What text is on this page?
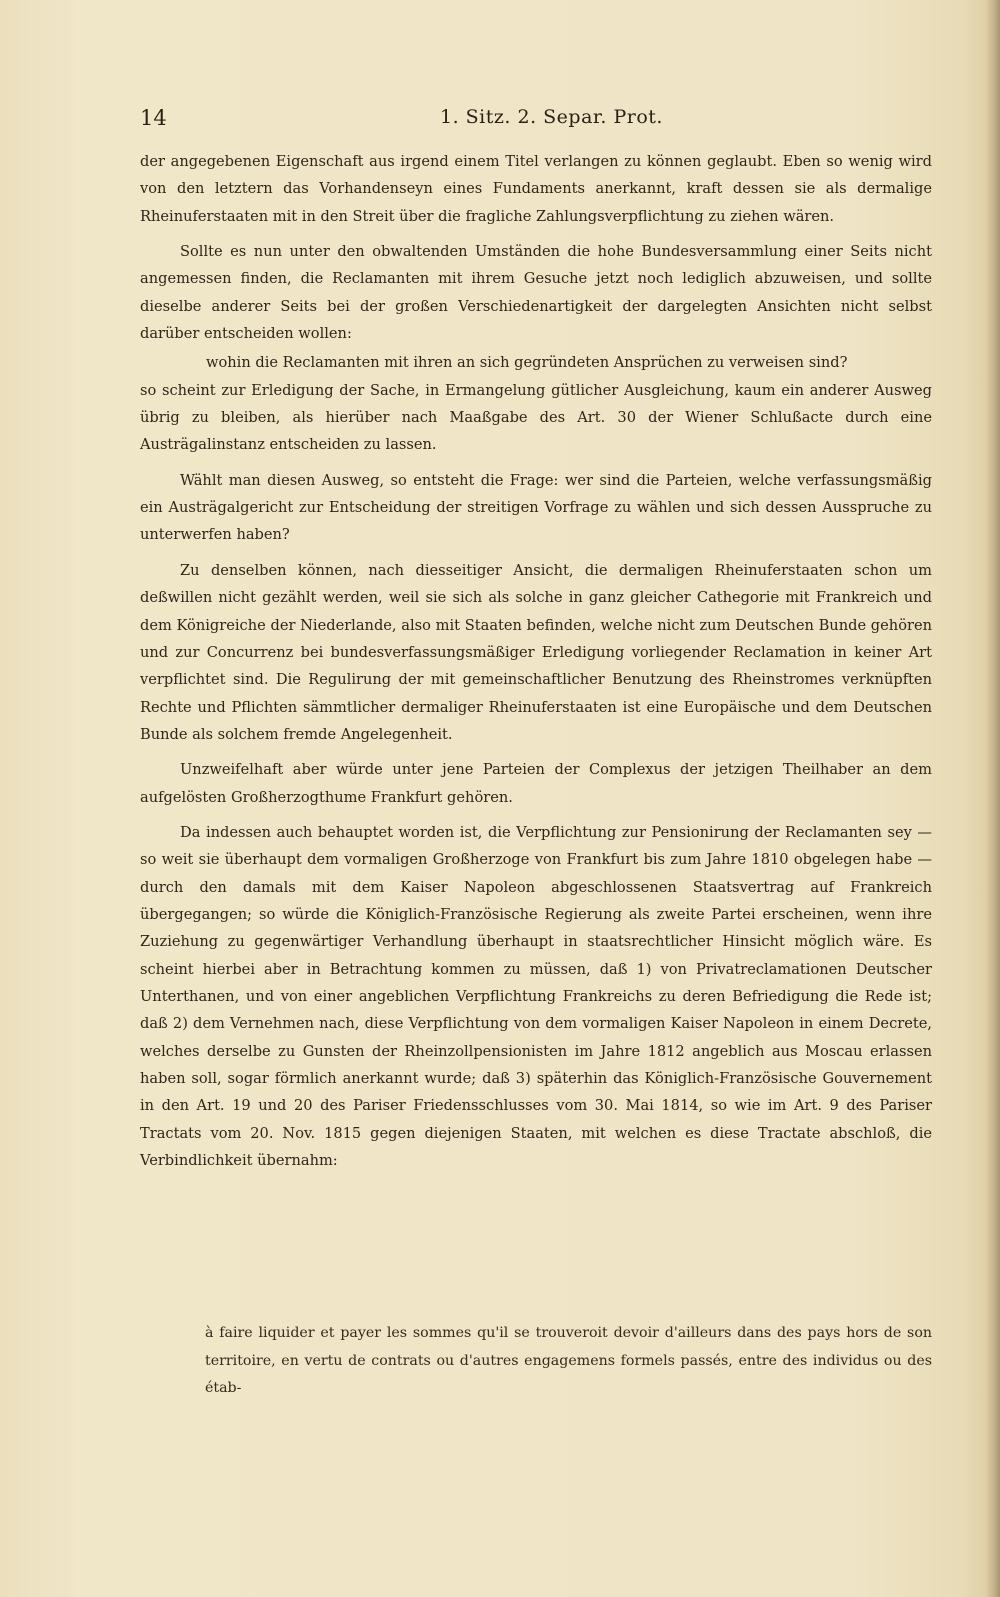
14	1. Sitz. 2. Separ. Prot.

der angegebenen Eigenschaft aus irgend einem Titel verlangen zu können geglaubt. Eben so wenig wird von den letztern das Vorhandenseyn eines Fundaments anerkannt, kraft dessen sie als dermalige Rheinuferstaaten mit in den Streit über die fragliche Zahlungsverpflichtung zu ziehen wären.

Sollte es nun unter den obwaltenden Umständen die hohe Bundesversammlung einer Seits nicht angemessen finden, die Reclamanten mit ihrem Gesuche jetzt noch lediglich abzuweisen, und sollte dieselbe anderer Seits bei der großen Verschiedenartigkeit der dargelegten Ansichten nicht selbst darüber entscheiden wollen:

wohin die Reclamanten mit ihren an sich gegründeten Ansprüchen zu verweisen sind?

so scheint zur Erledigung der Sache, in Ermangelung gütlicher Ausgleichung, kaum ein anderer Ausweg übrig zu bleiben, als hierüber nach Maaßgabe des Art. 30 der Wiener Schlußacte durch eine Austrägalinstanz entscheiden zu lassen.

Wählt man diesen Ausweg, so entsteht die Frage: wer sind die Parteien, welche verfassungsmäßig ein Austrägalgericht zur Entscheidung der streitigen Vorfrage zu wählen und sich dessen Ausspruche zu unterwerfen haben?

Zu denselben können, nach diesseitiger Ansicht, die dermaligen Rheinuferstaaten schon um deßwillen nicht gezählt werden, weil sie sich als solche in ganz gleicher Cathegorie mit Frankreich und dem Königreiche der Niederlande, also mit Staaten befinden, welche nicht zum Deutschen Bunde gehören und zur Concurrenz bei bundesverfassungsmäßiger Erledigung vorliegender Reclamation in keiner Art verpflichtet sind. Die Regulirung der mit gemeinschaftlicher Benutzung des Rheinstromes verknüpften Rechte und Pflichten sämmtlicher dermaliger Rheinuferstaaten ist eine Europäische und dem Deutschen Bunde als solchem fremde Angelegenheit.

Unzweifelhaft aber würde unter jene Parteien der Complexus der jetzigen Theilhaber an dem aufgelösten Großherzogthume Frankfurt gehören.

Da indessen auch behauptet worden ist, die Verpflichtung zur Pensionirung der Reclamanten sey — so weit sie überhaupt dem vormaligen Großherzoge von Frankfurt bis zum Jahre 1810 obgelegen habe — durch den damals mit dem Kaiser Napoleon abgeschlossenen Staatsvertrag auf Frankreich übergegangen; so würde die Königlich-Französische Regierung als zweite Partei erscheinen, wenn ihre Zuziehung zu gegenwärtiger Verhandlung überhaupt in staatsrechtlicher Hinsicht möglich wäre. Es scheint hierbei aber in Betrachtung kommen zu müssen, daß 1) von Privatreclamationen Deutscher Unterthanen, und von einer angeblichen Verpflichtung Frankreichs zu deren Befriedigung die Rede ist; daß 2) dem Vernehmen nach, diese Verpflichtung von dem vormaligen Kaiser Napoleon in einem Decrete, welches derselbe zu Gunsten der Rheinzollpensionisten im Jahre 1812 angeblich aus Moscau erlassen haben soll, sogar förmlich anerkannt wurde; daß 3) späterhin das Königlich-Französische Gouvernement in den Art. 19 und 20 des Pariser Friedensschlusses vom 30. Mai 1814, so wie im Art. 9 des Pariser Tractats vom 20. Nov. 1815 gegen diejenigen Staaten, mit welchen es diese Tractate abschloß, die Verbindlichkeit übernahm:

à faire liquider et payer les sommes qu'il se trouveroit devoir d'ailleurs dans des pays hors de son territoire, en vertu de contrats ou d'autres engagemens formels passés, entre des individus ou des étab-
